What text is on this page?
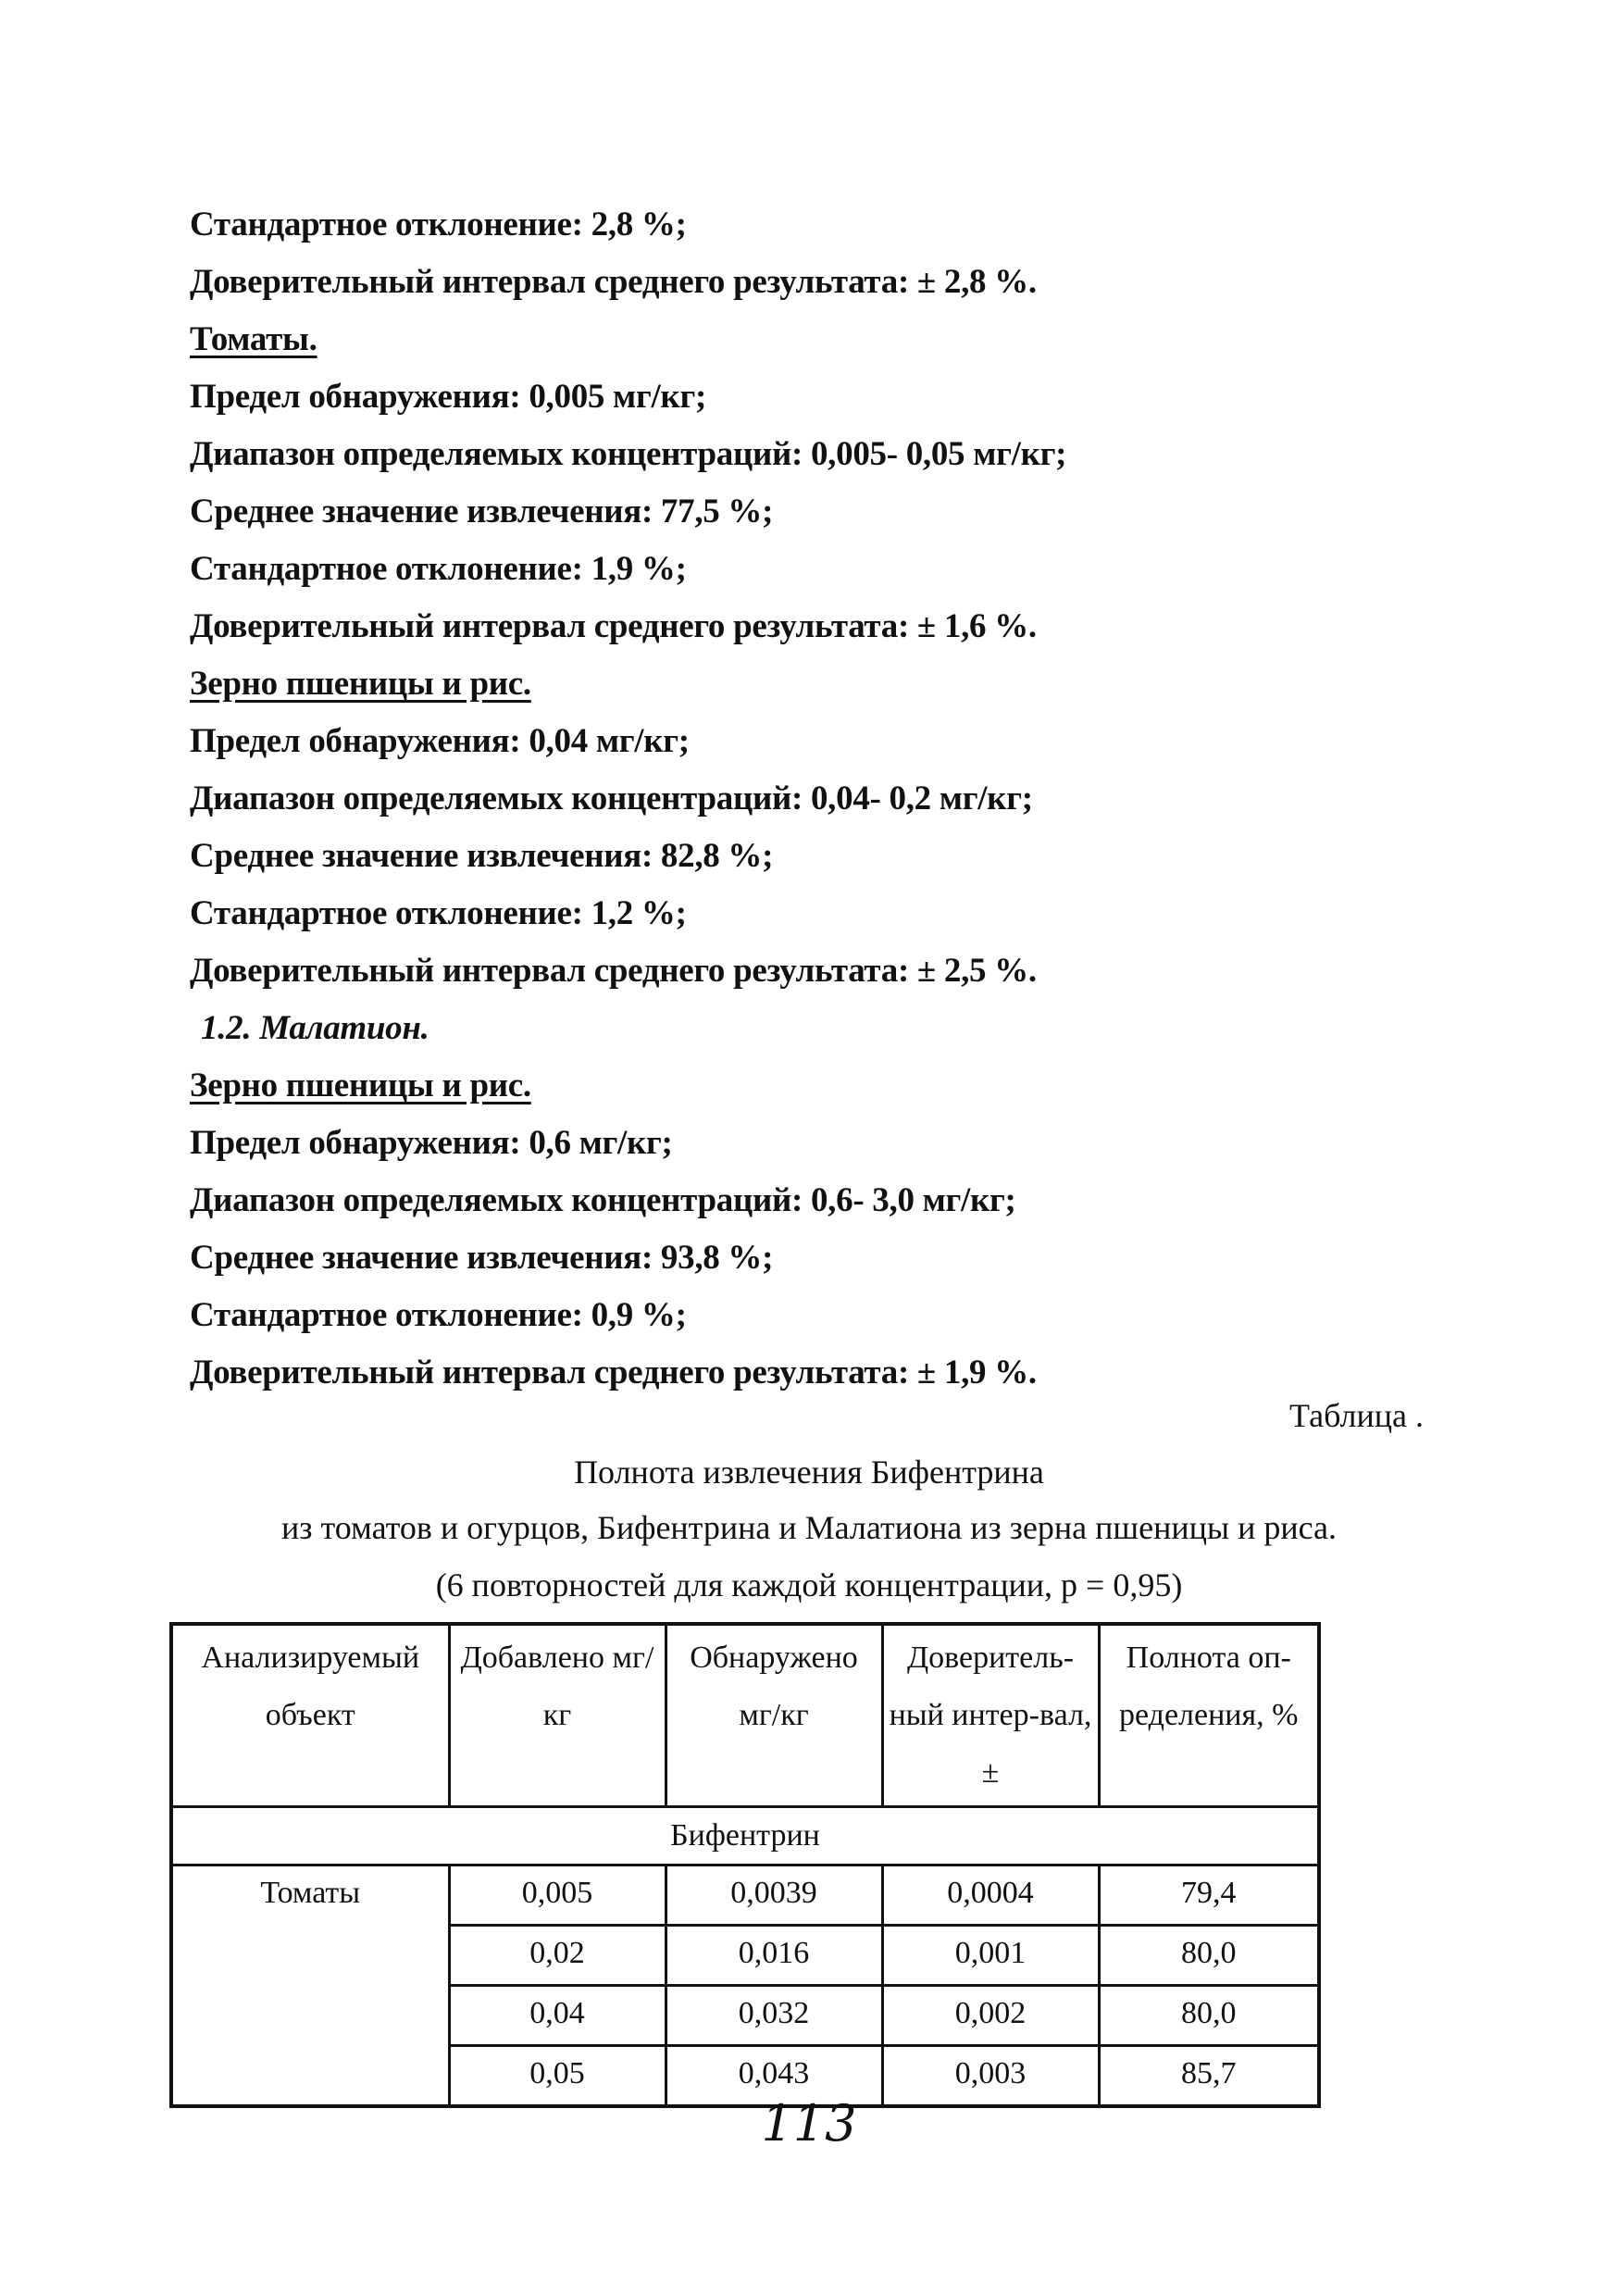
Стандартное отклонение: 2,8 %;
Доверительный интервал среднего результата: ± 2,8 %.
Томаты.
Предел обнаружения: 0,005 мг/кг;
Диапазон определяемых концентраций: 0,005- 0,05 мг/кг;
Среднее значение извлечения: 77,5 %;
Стандартное отклонение: 1,9 %;
Доверительный интервал среднего результата: ± 1,6 %.
Зерно пшеницы и рис.
Предел обнаружения: 0,04 мг/кг;
Диапазон определяемых концентраций: 0,04- 0,2 мг/кг;
Среднее значение извлечения: 82,8 %;
Стандартное отклонение: 1,2 %;
Доверительный интервал среднего результата: ± 2,5 %.
1.2. Малатион.
Зерно пшеницы и рис.
Предел обнаружения: 0,6 мг/кг;
Диапазон определяемых концентраций: 0,6- 3,0 мг/кг;
Среднее значение извлечения: 93,8 %;
Стандартное отклонение: 0,9 %;
Доверительный интервал среднего результата: ± 1,9 %.
Таблица .
Полнота извлечения Бифентрина
из томатов и огурцов, Бифентрина и Малатиона из зерна пшеницы и риса.
(6 повторностей для каждой концентрации, p = 0,95)
Анализируемый объект	Добавлено мг/кг	Обнаружено мг/кг	Доверитель-ный интер-вал, ±	Полнота оп-ределения, %
Бифентрин				
Томаты	0,005	0,0039	0,0004	79,4
	0,02	0,016	0,001	80,0
	0,04	0,032	0,002	80,0
	0,05	0,043	0,003	85,7
113
